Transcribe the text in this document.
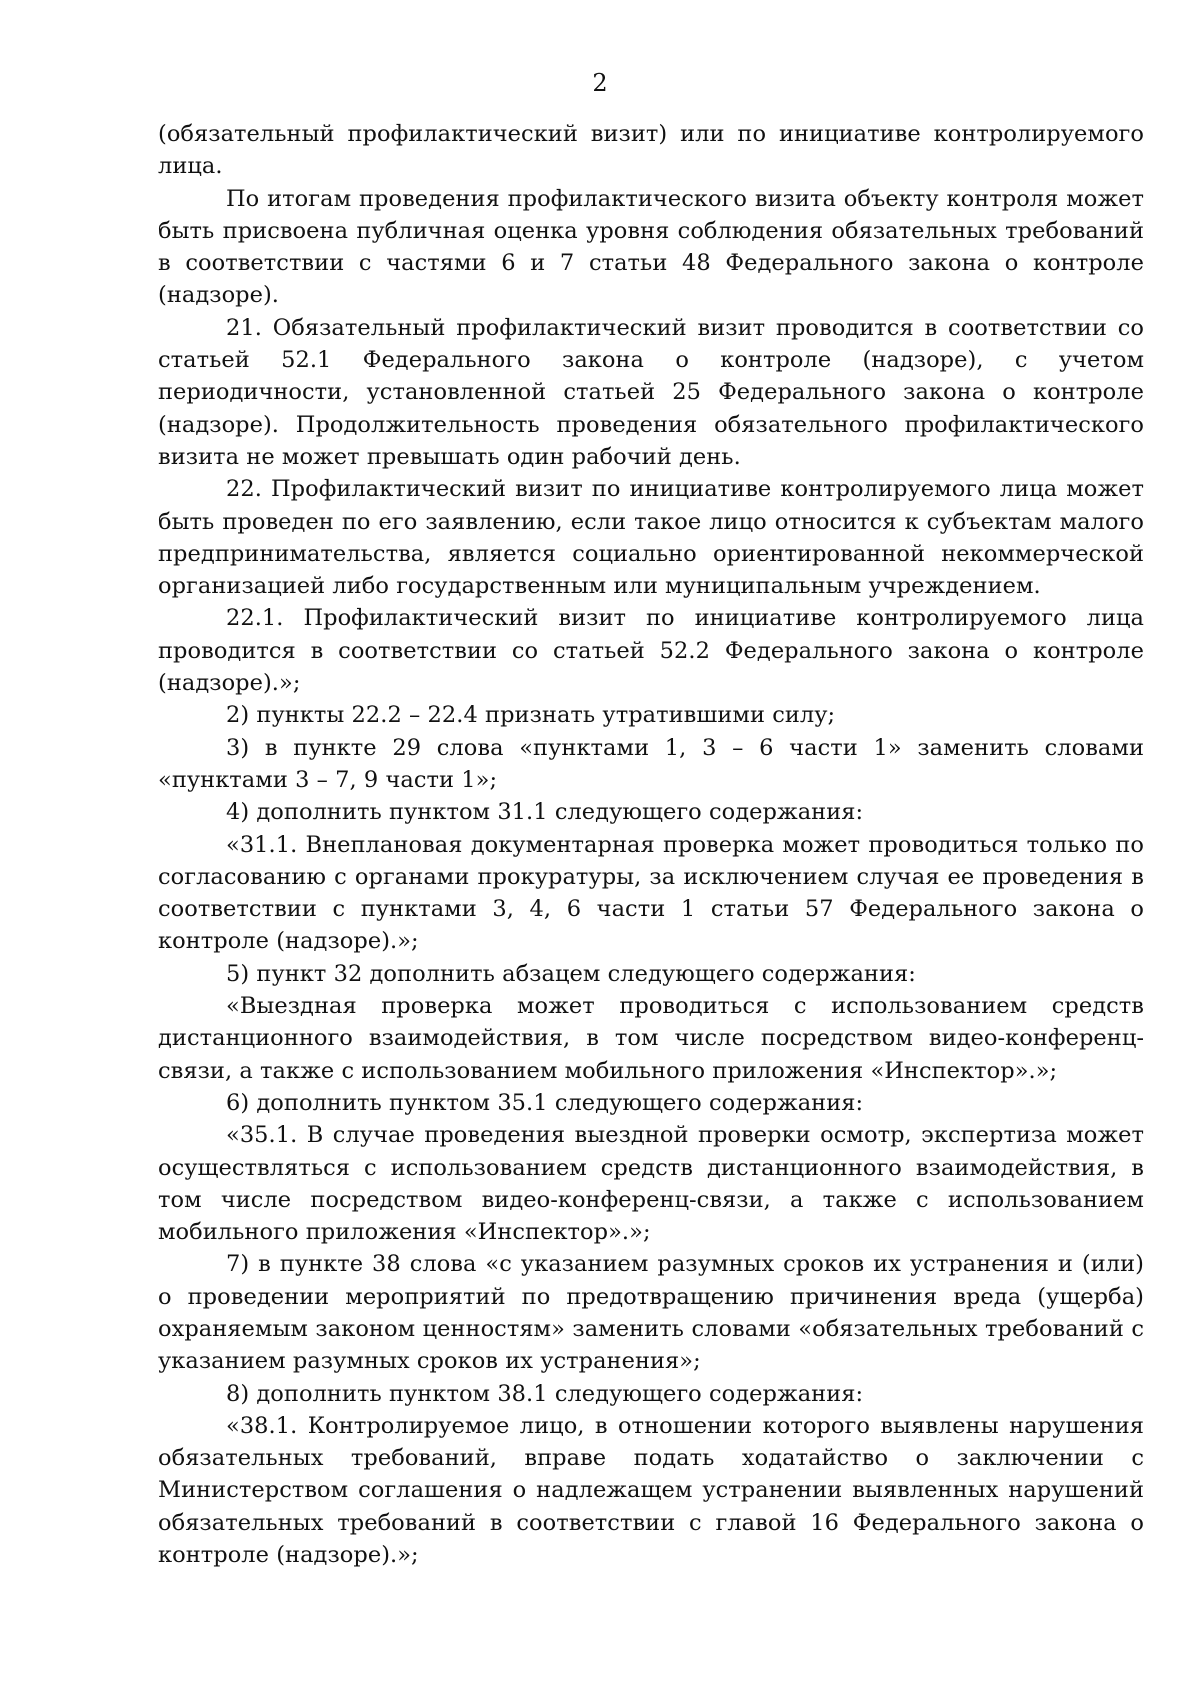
2

(обязательный профилактический визит) или по инициативе контролируемого лица.

По итогам проведения профилактического визита объекту контроля может быть присвоена публичная оценка уровня соблюдения обязательных требований в соответствии с частями 6 и 7 статьи 48 Федерального закона о контроле (надзоре).

21. Обязательный профилактический визит проводится в соответствии со статьей 52.1 Федерального закона о контроле (надзоре), с учетом периодичности, установленной статьей 25 Федерального закона о контроле (надзоре). Продолжительность проведения обязательного профилактического визита не может превышать один рабочий день.

22. Профилактический визит по инициативе контролируемого лица может быть проведен по его заявлению, если такое лицо относится к субъектам малого предпринимательства, является социально ориентированной некоммерческой организацией либо государственным или муниципальным учреждением.

22.1. Профилактический визит по инициативе контролируемого лица проводится в соответствии со статьей 52.2 Федерального закона о контроле (надзоре).»;

2) пункты 22.2 – 22.4 признать утратившими силу;

3) в пункте 29 слова «пунктами 1, 3 – 6 части 1» заменить словами «пунктами 3 – 7, 9 части 1»;

4) дополнить пунктом 31.1 следующего содержания:

«31.1. Внеплановая документарная проверка может проводиться только по согласованию с органами прокуратуры, за исключением случая ее проведения в соответствии с пунктами 3, 4, 6 части 1 статьи 57 Федерального закона о контроле (надзоре).»;

5) пункт 32 дополнить абзацем следующего содержания:

«Выездная проверка может проводиться с использованием средств дистанционного взаимодействия, в том числе посредством видео-конференц-связи, а также с использованием мобильного приложения «Инспектор».»;

6) дополнить пунктом 35.1 следующего содержания:

«35.1. В случае проведения выездной проверки осмотр, экспертиза может осуществляться с использованием средств дистанционного взаимодействия, в том числе посредством видео-конференц-связи, а также с использованием мобильного приложения «Инспектор».»;

7) в пункте 38 слова «с указанием разумных сроков их устранения и (или) о проведении мероприятий по предотвращению причинения вреда (ущерба) охраняемым законом ценностям» заменить словами «обязательных требований с указанием разумных сроков их устранения»;

8) дополнить пунктом 38.1 следующего содержания:

«38.1. Контролируемое лицо, в отношении которого выявлены нарушения обязательных требований, вправе подать ходатайство о заключении с Министерством соглашения о надлежащем устранении выявленных нарушений обязательных требований в соответствии с главой 16 Федерального закона о контроле (надзоре).»;
